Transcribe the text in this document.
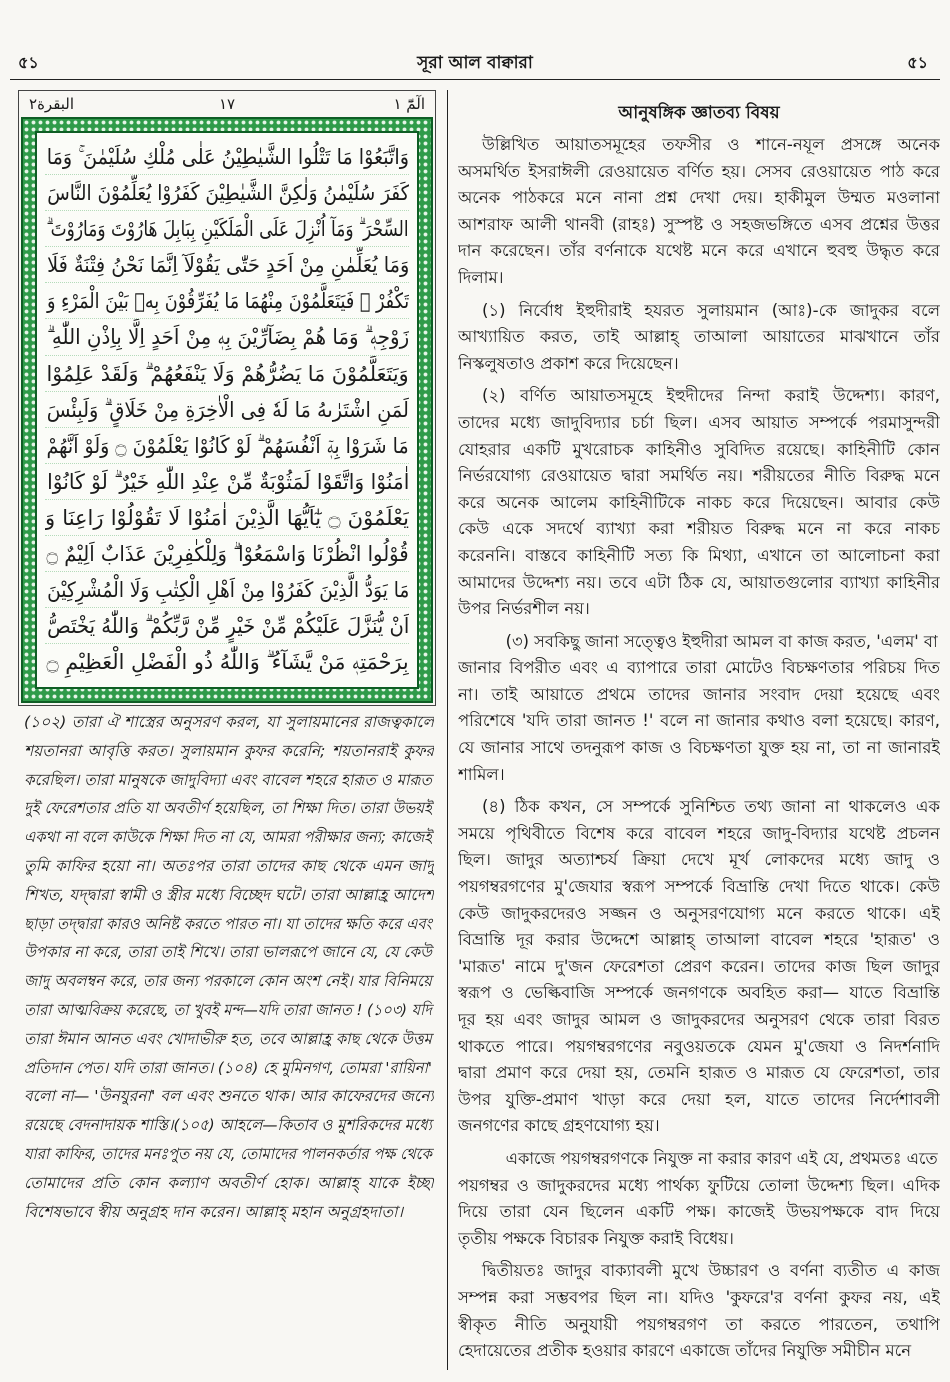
৫১	সূরা আল বাক্বারা	৫১
البقرة٢	١٧	الٓمّٓ ١
وَاتَّبَعُوْا مَا تَتْلُوا الشَّيٰطِيْنُ عَلٰى مُلْكِ سُلَيْمٰنَ ۚ وَمَا
كَفَرَ سُلَيْمٰنُ وَلٰكِنَّ الشَّيٰطِيْنَ كَفَرُوْا يُعَلِّمُوْنَ النَّاسَ
السِّحْرَ ۗ وَمَآ اُنْزِلَ عَلَى الْمَلَكَيْنِ بِبَابِلَ هَارُوْتَ وَمَارُوْتَ ۗ
وَمَا يُعَلِّمٰنِ مِنْ اَحَدٍ حَتّٰى يَقُوْلَآ اِنَّمَا نَحْنُ فِتْنَةٌ فَلَا
تَكْفُرْ ۗ فَيَتَعَلَّمُوْنَ مِنْهُمَا مَا يُفَرِّقُوْنَ بِهٖ بَيْنَ الْمَرْءِ وَ
زَوْجِهٖ ۗ وَمَا هُمْ بِضَآرِّيْنَ بِهٖ مِنْ اَحَدٍ اِلَّا بِاِذْنِ اللّٰهِ ۗ
وَيَتَعَلَّمُوْنَ مَا يَضُرُّهُمْ وَلَا يَنْفَعُهُمْ ۗ وَلَقَدْ عَلِمُوْا
لَمَنِ اشْتَرٰىهُ مَا لَهٗ فِى الْاٰخِرَةِ مِنْ خَلَاقٍ ۗ وَلَبِئْسَ
مَا شَرَوْا بِهٖٓ اَنْفُسَهُمْ ۗ لَوْ كَانُوْا يَعْلَمُوْنَ ۝ وَلَوْ اَنَّهُمْ
اٰمَنُوْا وَاتَّقَوْا لَمَثُوْبَةٌ مِّنْ عِنْدِ اللّٰهِ خَيْرٌ ۗ لَوْ كَانُوْا
يَعْلَمُوْنَ ۝ يٰٓاَيُّهَا الَّذِيْنَ اٰمَنُوْا لَا تَقُوْلُوْا رَاعِنَا وَ
قُوْلُوا انْظُرْنَا وَاسْمَعُوْا ۗ وَلِلْكٰفِرِيْنَ عَذَابٌ اَلِيْمٌ ۝
مَا يَوَدُّ الَّذِيْنَ كَفَرُوْا مِنْ اَهْلِ الْكِتٰبِ وَلَا الْمُشْرِكِيْنَ
اَنْ يُّنَزَّلَ عَلَيْكُمْ مِّنْ خَيْرٍ مِّنْ رَّبِّكُمْ ۗ وَاللّٰهُ يَخْتَصُّ
بِرَحْمَتِهٖ مَنْ يَّشَآءُ ۗ وَاللّٰهُ ذُو الْفَضْلِ الْعَظِيْمِ ۝
(১০২) তারা ঐ শাস্ত্রের অনুসরণ করল, যা সুলায়মানের রাজত্বকালে
শয়তানরা আবৃত্তি করত। সুলায়মান কুফর করেনি; শয়তানরাই কুফর
করেছিল। তারা মানুষকে জাদুবিদ্যা এবং বাবেল শহরে হারূত ও মারূত
দুই ফেরেশতার প্রতি যা অবতীর্ণ হয়েছিল, তা শিক্ষা দিত। তারা উভয়ই
একথা না বলে কাউকে শিক্ষা দিত না যে, আমরা পরীক্ষার জন্য; কাজেই
তুমি কাফির হয়ো না। অতঃপর তারা তাদের কাছ থেকে এমন জাদু
শিখত, যদ্দ্বারা স্বামী ও স্ত্রীর মধ্যে বিচ্ছেদ ঘটে। তারা আল্লাহ্র আদেশ
ছাড়া তদ্দ্বারা কারও অনিষ্ট করতে পারত না। যা তাদের ক্ষতি করে এবং
উপকার না করে, তারা তাই শিখে। তারা ভালরূপে জানে যে, যে কেউ
জাদু অবলম্বন করে, তার জন্য পরকালে কোন অংশ নেই। যার বিনিময়ে
তারা আত্মবিক্রয় করেছে, তা খুবই মন্দ—যদি তারা জানত ! (১০৩) যদি
তারা ঈমান আনত এবং খোদাভীরু হত, তবে আল্লাহ্র কাছ থেকে উত্তম
প্রতিদান পেত। যদি তারা জানত। (১০৪) হে মুমিনগণ, তোমরা 'রায়িনা'
বলো না— 'উনযুরনা' বল এবং শুনতে থাক। আর কাফেরদের জন্যে
রয়েছে বেদনাদায়ক শাস্তি।(১০৫) আহলে—কিতাব ও মুশরিকদের মধ্যে
যারা কাফির, তাদের মনঃপুত নয় যে, তোমাদের পালনকর্তার পক্ষ থেকে
তোমাদের প্রতি কোন কল্যাণ অবতীর্ণ হোক। আল্লাহ্ যাকে ইচ্ছা
বিশেষভাবে স্বীয় অনুগ্রহ দান করেন। আল্লাহ্ মহান অনুগ্রহদাতা।
আনুষঙ্গিক জ্ঞাতব্য বিষয়
উল্লিখিত আয়াতসমূহের তফসীর ও শানে-নযূল প্রসঙ্গে অনেক
অসমর্থিত ইসরাঈলী রেওয়ায়েত বর্ণিত হয়। সেসব রেওয়ায়েত পাঠ করে
অনেক পাঠকরে মনে নানা প্রশ্ন দেখা দেয়। হাকীমুল উম্মত মওলানা
আশরাফ আলী থানবী (রাহঃ) সুস্পষ্ট ও সহজভঙ্গিতে এসব প্রশ্নের উত্তর
দান করেছেন। তাঁর বর্ণনাকে যথেষ্ট মনে করে এখানে হুবহু উদ্ধৃত করে
দিলাম।
(১) নির্বোধ ইহুদীরাই হযরত সুলায়মান (আঃ)-কে জাদুকর বলে
আখ্যায়িত করত, তাই আল্লাহ্ তাআলা আয়াতের মাঝখানে তাঁর
নিস্কলুষতাও প্রকাশ করে দিয়েছেন।
(২) বর্ণিত আয়াতসমূহে ইহুদীদের নিন্দা করাই উদ্দেশ্য। কারণ,
তাদের মধ্যে জাদুবিদ্যার চর্চা ছিল। এসব আয়াত সম্পর্কে পরমাসুন্দরী
যোহরার একটি মুখরোচক কাহিনীও সুবিদিত রয়েছে। কাহিনীটি কোন
নির্ভরযোগ্য রেওয়ায়েত দ্বারা সমর্থিত নয়। শরীয়তের নীতি বিরুদ্ধ মনে
করে অনেক আলেম কাহিনীটিকে নাকচ করে দিয়েছেন। আবার কেউ
কেউ একে সদর্থে ব্যাখ্যা করা শরীয়ত বিরুদ্ধ মনে না করে নাকচ
করেননি। বাস্তবে কাহিনীটি সত্য কি মিথ্যা, এখানে তা আলোচনা করা
আমাদের উদ্দেশ্য নয়। তবে এটা ঠিক যে, আয়াতগুলোর ব্যাখ্যা কাহিনীর
উপর নির্ভরশীল নয়।
(৩) সবকিছু জানা সত্ত্বেও ইহুদীরা আমল বা কাজ করত, 'এলম' বা
জানার বিপরীত এবং এ ব্যাপারে তারা মোটেও বিচক্ষণতার পরিচয় দিত
না। তাই আয়াতে প্রথমে তাদের জানার সংবাদ দেয়া হয়েছে এবং
পরিশেষে 'যদি তারা জানত !' বলে না জানার কথাও বলা হয়েছে। কারণ,
যে জানার সাথে তদনুরূপ কাজ ও বিচক্ষণতা যুক্ত হয় না, তা না জানারই
শামিল।
(৪) ঠিক কখন, সে সম্পর্কে সুনিশ্চিত তথ্য জানা না থাকলেও এক
সময়ে পৃথিবীতে বিশেষ করে বাবেল শহরে জাদু-বিদ্যার যথেষ্ট প্রচলন
ছিল। জাদুর অত্যাশ্চর্য ক্রিয়া দেখে মূর্খ লোকদের মধ্যে জাদু ও
পয়গম্বরগণের মু'জেযার স্বরূপ সম্পর্কে বিভ্রান্তি দেখা দিতে থাকে। কেউ
কেউ জাদুকরদেরও সজ্জন ও অনুসরণযোগ্য মনে করতে থাকে। এই
বিভ্রান্তি দূর করার উদ্দেশে আল্লাহ্ তাআলা বাবেল শহরে 'হারূত' ও
'মারূত' নামে দু'জন ফেরেশতা প্রেরণ করেন। তাদের কাজ ছিল জাদুর
স্বরূপ ও ভেল্কিবাজি সম্পর্কে জনগণকে অবহিত করা— যাতে বিভ্রান্তি
দূর হয় এবং জাদুর আমল ও জাদুকরদের অনুসরণ থেকে তারা বিরত
থাকতে পারে। পয়গম্বরগণের নবুওয়তকে যেমন মু'জেযা ও নিদর্শনাদি
দ্বারা প্রমাণ করে দেয়া হয়, তেমনি হারূত ও মারূত যে ফেরেশতা, তার
উপর যুক্তি-প্রমাণ খাড়া করে দেয়া হল, যাতে তাদের নির্দেশাবলী
জনগণের কাছে গ্রহণযোগ্য হয়।
একাজে পয়গম্বরগণকে নিযুক্ত না করার কারণ এই যে, প্রথমতঃ এতে
পয়গম্বর ও জাদুকরদের মধ্যে পার্থক্য ফুটিয়ে তোলা উদ্দেশ্য ছিল। এদিক
দিয়ে তারা যেন ছিলেন একটি পক্ষ। কাজেই উভয়পক্ষকে বাদ দিয়ে
তৃতীয় পক্ষকে বিচারক নিযুক্ত করাই বিধেয়।
দ্বিতীয়তঃ জাদুর বাক্যাবলী মুখে উচ্চারণ ও বর্ণনা ব্যতীত এ কাজ
সম্পন্ন করা সম্ভবপর ছিল না। যদিও 'কুফরে'র বর্ণনা কুফর নয়, এই
স্বীকৃত নীতি অনুযায়ী পয়গম্বরগণ তা করতে পারতেন, তথাপি
হেদায়েতের প্রতীক হওয়ার কারণে একাজে তাঁদের নিযুক্তি সমীচীন মনে
